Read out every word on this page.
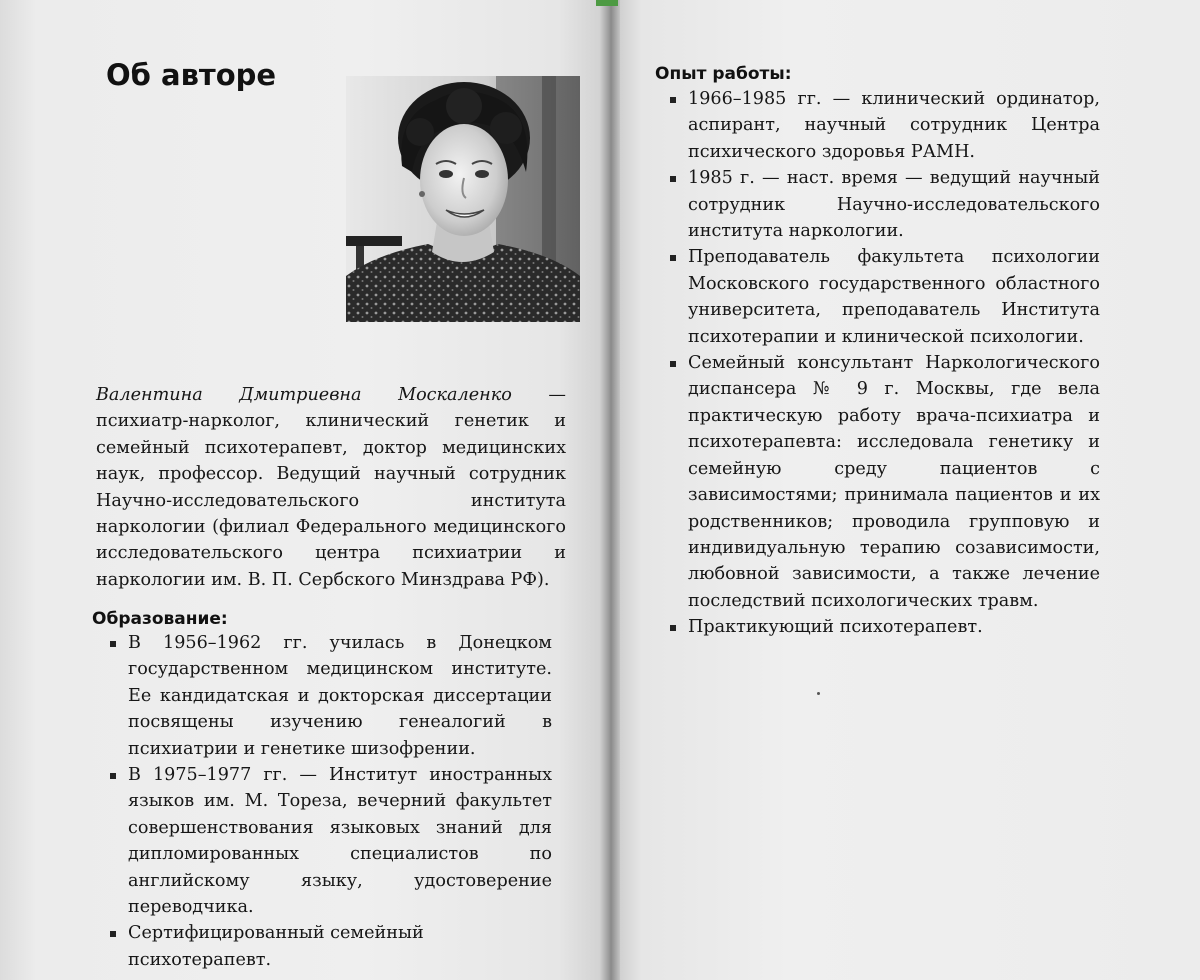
Об авторе

Валентина Дмитриевна Москаленко — психиатр-нарколог, клинический генетик и семейный психотерапевт, доктор медицинских наук, профессор. Ведущий научный сотрудник Научно-исследовательского института наркологии (филиал Федерального медицинского исследовательского центра психиатрии и наркологии им. В. П. Сербского Минздрава РФ).

Образование:
В 1956–1962 гг. училась в Донецком государственном медицинском институте. Ее кандидатская и докторская диссертации посвящены изучению генеалогий в психиатрии и генетике шизофрении.
В 1975–1977 гг. — Институт иностранных языков им. М. Тореза, вечерний факультет совершенствования языковых знаний для дипломированных специалистов по английскому языку, удостоверение переводчика.
Сертифицированный семейный психотерапевт.
Опыт работы:
1966–1985 гг. — клинический ординатор, аспирант, научный сотрудник Центра психического здоровья РАМН.
1985 г. — наст. время — ведущий научный сотрудник Научно-исследовательского института наркологии.
Преподаватель факультета психологии Московского государственного областного университета, преподаватель Института психотерапии и клинической психологии.
Семейный консультант Наркологического диспансера № 9 г. Москвы, где вела практическую работу врача-психиатра и психотерапевта: исследовала генетику и семейную среду пациентов с зависимостями; принимала пациентов и их родственников; проводила групповую и индивидуальную терапию созависимости, любовной зависимости, а также лечение последствий психологических травм.
Практикующий психотерапевт.
